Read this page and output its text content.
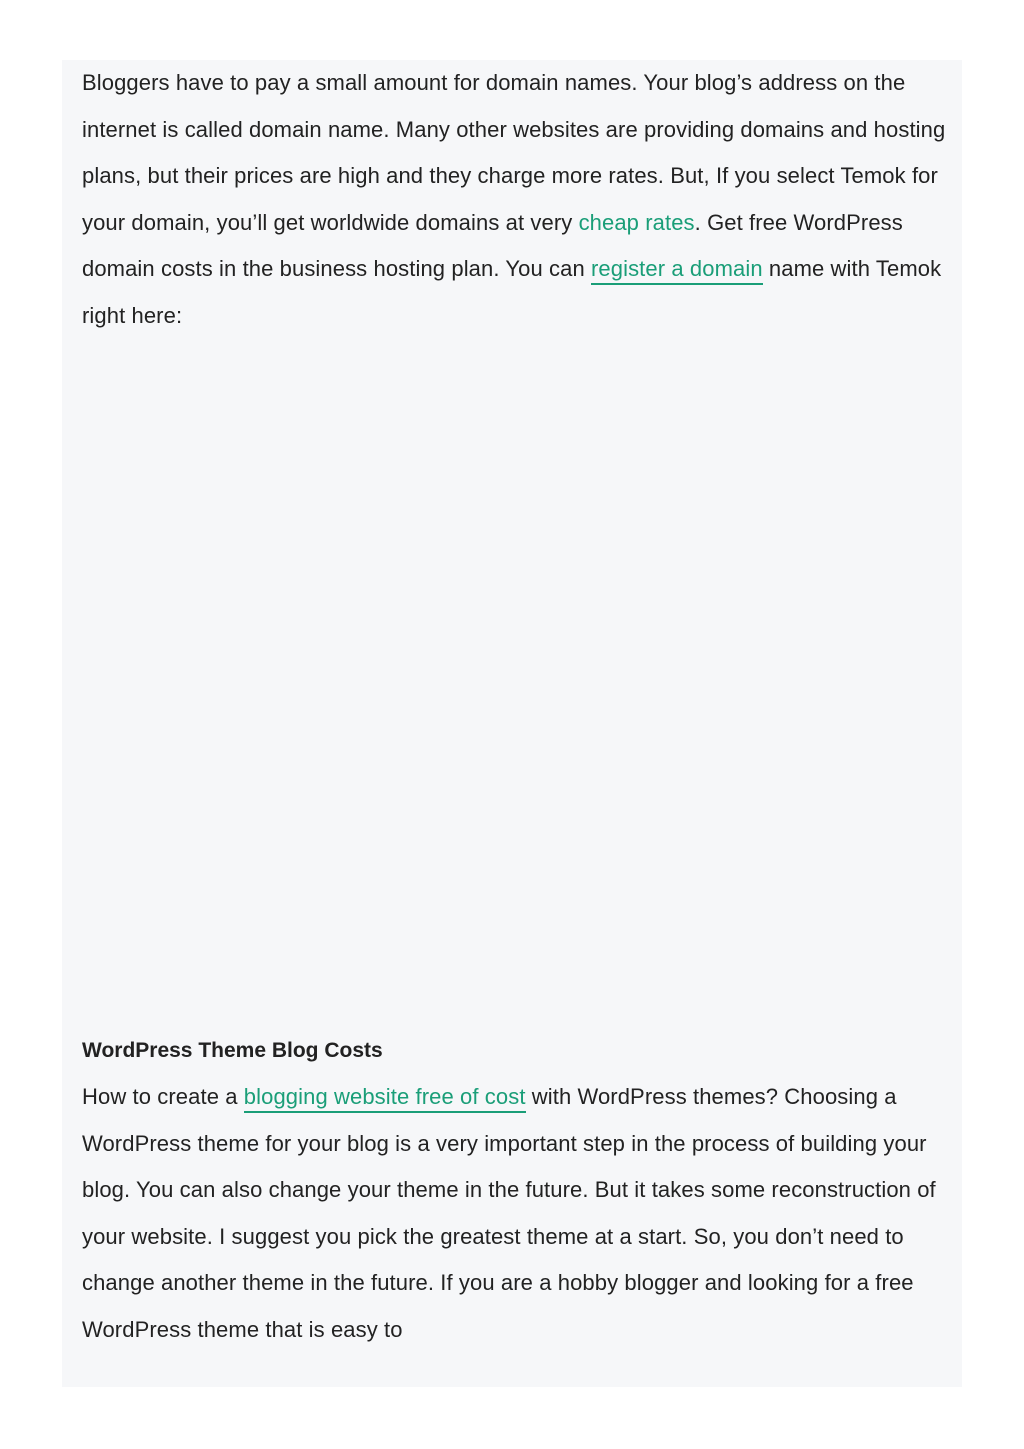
Bloggers have to pay a small amount for domain names. Your blog’s address on the internet is called domain name. Many other websites are providing domains and hosting plans, but their prices are high and they charge more rates. But, If you select Temok for your domain, you’ll get worldwide domains at very cheap rates. Get free WordPress domain costs in the business hosting plan. You can register a domain name with Temok right here:

WordPress Theme Blog Costs

How to create a blogging website free of cost with WordPress themes? Choosing a WordPress theme for your blog is a very important step in the process of building your blog. You can also change your theme in the future. But it takes some reconstruction of your website. I suggest you pick the greatest theme at a start. So, you don’t need to change another theme in the future. If you are a hobby blogger and looking for a free WordPress theme that is easy to
